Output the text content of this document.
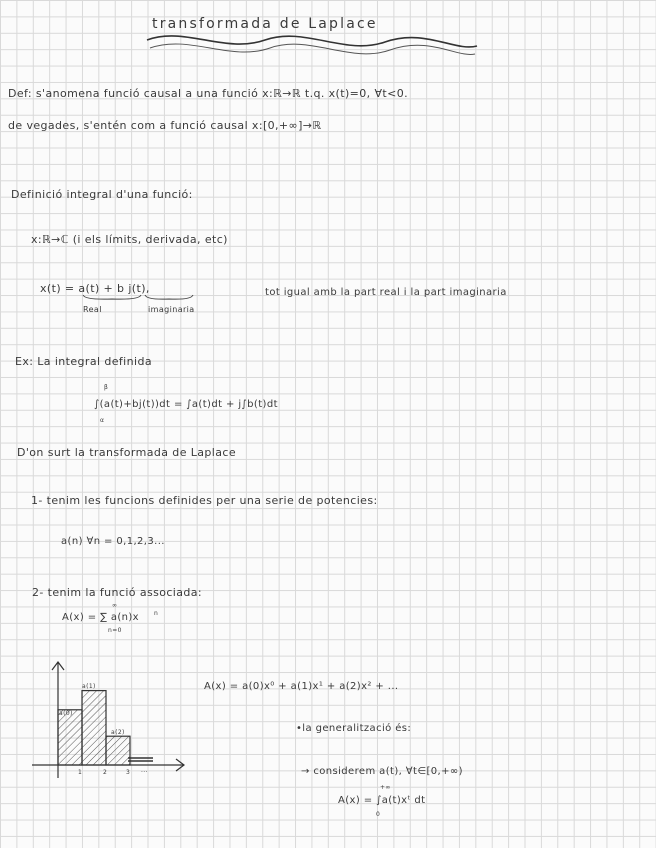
transformada de Laplace
Def: s'anomena funció causal a una funció x:ℝ→ℝ t.q. x(t)=0, ∀t<0.
de vegades, s'entén com a funció causal x:[0,+∞]→ℝ
Definició integral d'una funció:
x:ℝ→ℂ (i els límits, derivada, etc)
x(t) = a(t) + b j(t),
Real	imaginaria
tot igual amb la part real i la part imaginaria
Ex: La integral definida
∫(a(t)+bj(t))dt = ∫a(t)dt + j∫b(t)dt
β
α
D'on surt la transformada de Laplace
1- tenim les funcions definides per una serie de potencies:
a(n) ∀n = 0,1,2,3...
2- tenim la funció associada:
A(x) = ∑ a(n)x n
∞
n=0
a(0)
a(1)
a(2)
1	2	3 ...
A(x) = a(0)x⁰ + a(1)x¹ + a(2)x² + ...
•la generalització és:
→ considerem a(t), ∀t∈[0,+∞)
A(x) = ∫a(t)xᵗ dt
+∞
0
